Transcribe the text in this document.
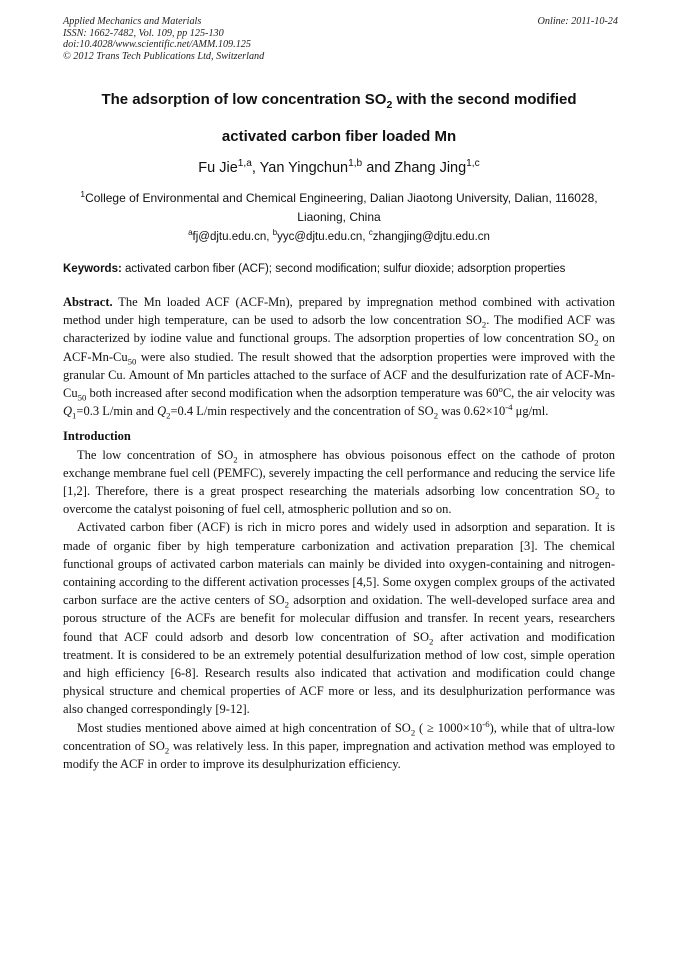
Applied Mechanics and Materials
ISSN: 1662-7482, Vol. 109, pp 125-130
doi:10.4028/www.scientific.net/AMM.109.125
© 2012 Trans Tech Publications Ltd, Switzerland
Online: 2011-10-24
The adsorption of low concentration $SO_2$ with the second modified
activated carbon fiber loaded Mn
Fu Jie$^{1,a}$, Yan Yingchun$^{1,b}$ and Zhang Jing$^{1,c}$
$^1$College of Environmental and Chemical Engineering, Dalian Jiaotong University, Dalian, 116028, Liaoning, China
$^a$fj@djtu.edu.cn, $^b$yyc@djtu.edu.cn, $^c$zhangjing@djtu.edu.cn
Keywords: activated carbon fiber (ACF); second modification; sulfur dioxide; adsorption properties

Abstract. The Mn loaded ACF (ACF-Mn), prepared by impregnation method combined with activation method under high temperature, can be used to adsorb the low concentration $SO_2$. The modified ACF was characterized by iodine value and functional groups. The adsorption properties of low concentration $SO_2$ on ACF-$Mn-Cu_{50}$ were also studied. The result showed that the adsorption properties were improved with the granular Cu. Amount of Mn particles attached to the surface of ACF and the desulfurization rate of ACF-$Mn-Cu_{50}$ both increased after second modification when the adsorption temperature was 60$^o$C, the air velocity was $Q_1=0.3$ L/min and $Q_2=0.4$ L/min respectively and the concentration of $SO_2$ was $0.62\times 10^{-4}$ μg/ml.

Introduction

The low concentration of $SO_2$ in atmosphere has obvious poisonous effect on the cathode of proton exchange membrane fuel cell (PEMFC), severely impacting the cell performance and reducing the service life [1,2]. Therefore, there is a great prospect researching the materials adsorbing low concentration $SO_2$ to overcome the catalyst poisoning of fuel cell, atmospheric pollution and so on.

Activated carbon fiber (ACF) is rich in micro pores and widely used in adsorption and separation. It is made of organic fiber by high temperature carbonization and activation preparation [3]. The chemical functional groups of activated carbon materials can mainly be divided into oxygen-containing and nitrogen-containing according to the different activation processes [4,5]. Some oxygen complex groups of the activated carbon surface are the active centers of $SO_2$ adsorption and oxidation. The well-developed surface area and porous structure of the ACFs are benefit for molecular diffusion and transfer. In recent years, researchers found that ACF could adsorb and desorb low concentration of $SO_2$ after activation and modification treatment. It is considered to be an extremely potential desulfurization method of low cost, simple operation and high efficiency [6-8]. Research results also indicated that activation and modification could change physical structure and chemical properties of ACF more or less, and its desulphurization performance was also changed correspondingly [9-12].

Most studies mentioned above aimed at high concentration of $SO_2$ ( ≥ $1000\times 10^{-6}$), while that of ultra-low concentration of $SO_2$ was relatively less. In this paper, impregnation and activation method was employed to modify the ACF in order to improve its desulphurization efficiency.
